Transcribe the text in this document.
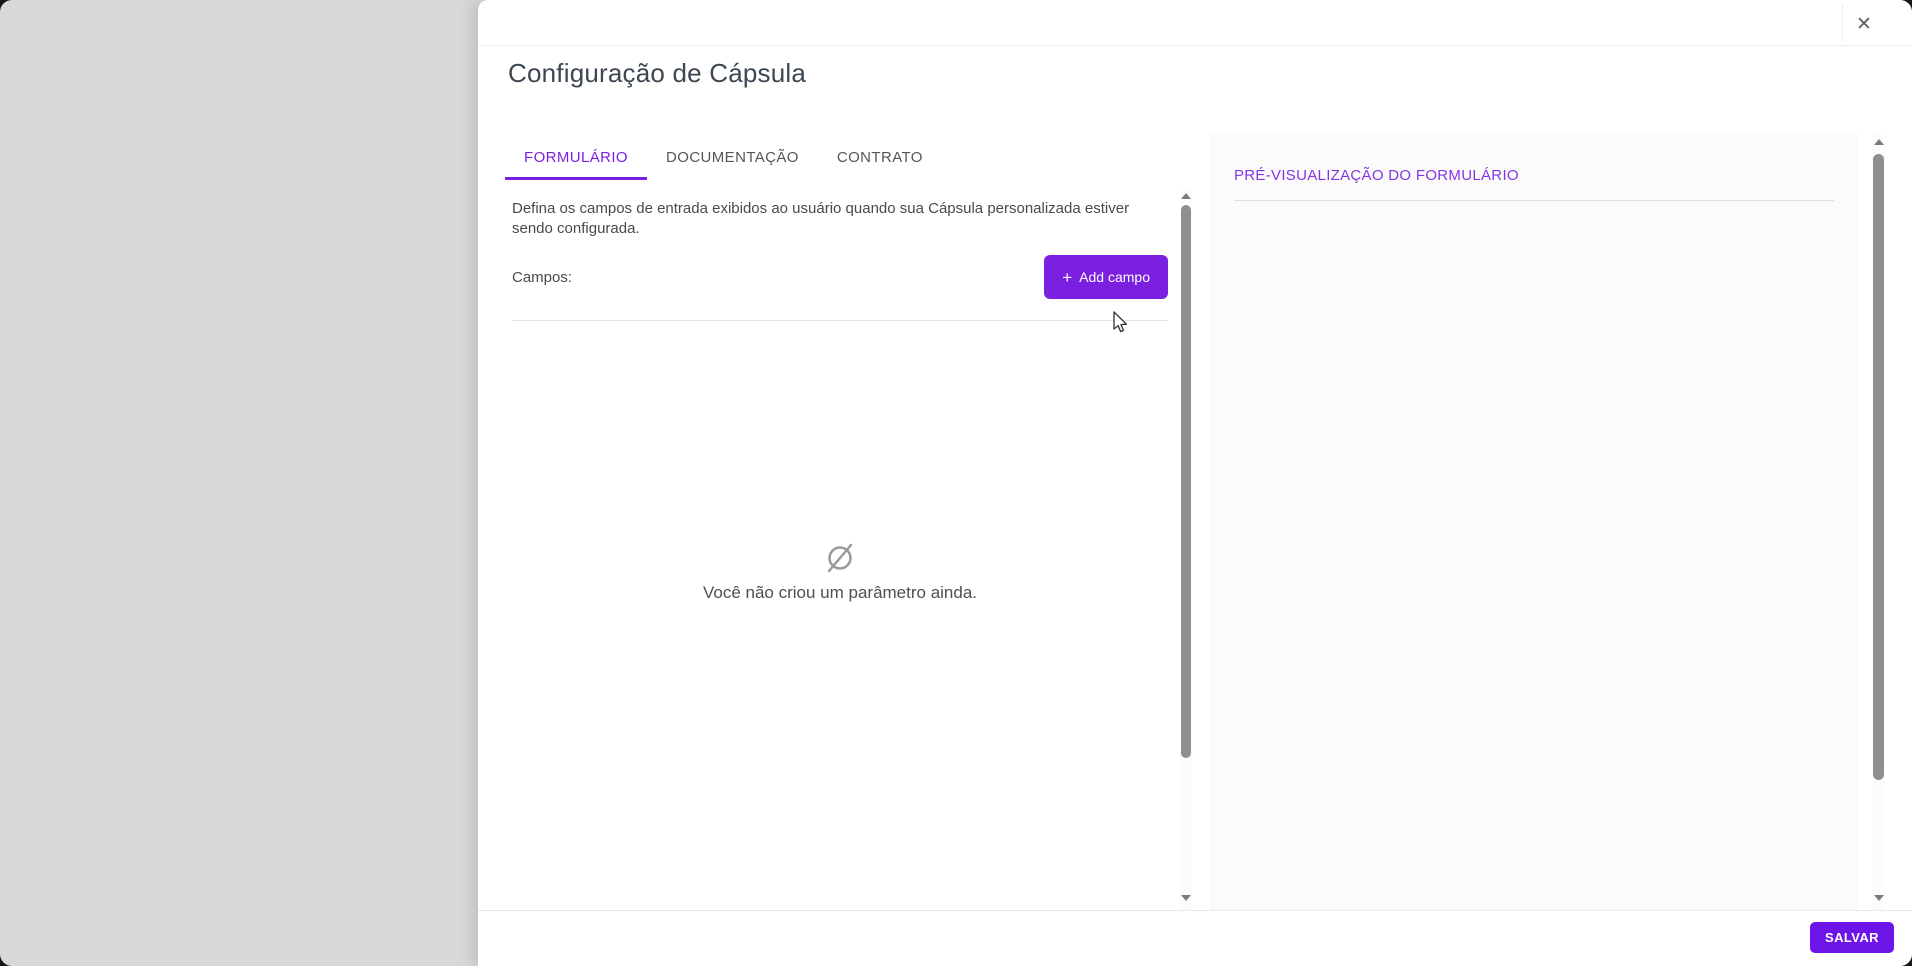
✕
Configuração de Cápsula
FORMULÁRIO	DOCUMENTAÇÃO	CONTRATO

Defina os campos de entrada exibidos ao usuário quando sua Cápsula personalizada estiver sendo configurada.

Campos:	+ Add campo
Você não criou um parâmetro ainda.
PRÉ-VISUALIZAÇÃO DO FORMULÁRIO
SALVAR
